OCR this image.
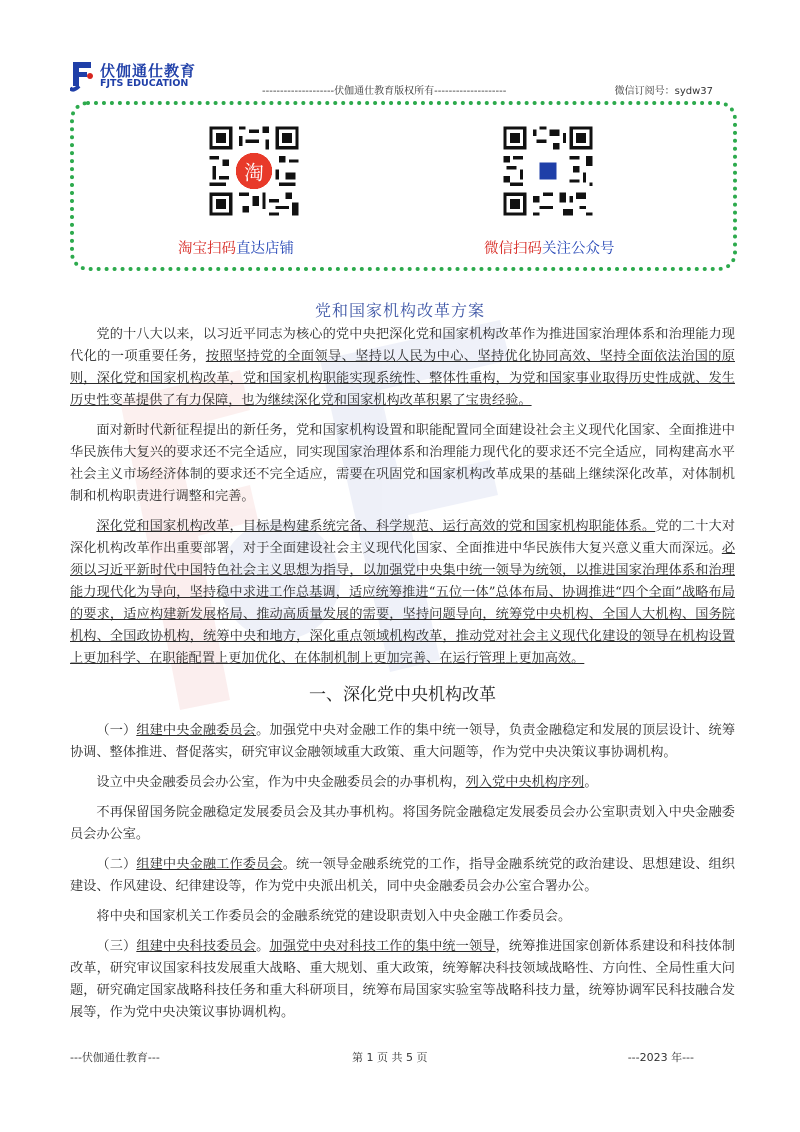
伏伽通仕教育
FJTS EDUCATION
--------------------伏伽通仕教育版权所有--------------------	微信订阅号：sydw37
淘
淘宝扫码直达店铺	微信扫码关注公众号
党和国家机构改革方案

党的十八大以来，以习近平同志为核心的党中央把深化党和国家机构改革作为推进国家治理体系和治理能力现代化的一项重要任务，按照坚持党的全面领导、坚持以人民为中心、坚持优化协同高效、坚持全面依法治国的原则，深化党和国家机构改革，党和国家机构职能实现系统性、整体性重构，为党和国家事业取得历史性成就、发生历史性变革提供了有力保障，也为继续深化党和国家机构改革积累了宝贵经验。

面对新时代新征程提出的新任务，党和国家机构设置和职能配置同全面建设社会主义现代化国家、全面推进中华民族伟大复兴的要求还不完全适应，同实现国家治理体系和治理能力现代化的要求还不完全适应，同构建高水平社会主义市场经济体制的要求还不完全适应，需要在巩固党和国家机构改革成果的基础上继续深化改革，对体制机制和机构职责进行调整和完善。

深化党和国家机构改革，目标是构建系统完备、科学规范、运行高效的党和国家机构职能体系。党的二十大对深化机构改革作出重要部署，对于全面建设社会主义现代化国家、全面推进中华民族伟大复兴意义重大而深远。必须以习近平新时代中国特色社会主义思想为指导，以加强党中央集中统一领导为统领，以推进国家治理体系和治理能力现代化为导向，坚持稳中求进工作总基调，适应统筹推进“五位一体”总体布局、协调推进“四个全面”战略布局的要求，适应构建新发展格局、推动高质量发展的需要，坚持问题导向，统筹党中央机构、全国人大机构、国务院机构、全国政协机构，统筹中央和地方，深化重点领域机构改革，推动党对社会主义现代化建设的领导在机构设置上更加科学、在职能配置上更加优化、在体制机制上更加完善、在运行管理上更加高效。

一、深化党中央机构改革

（一）组建中央金融委员会。加强党中央对金融工作的集中统一领导，负责金融稳定和发展的顶层设计、统筹协调、整体推进、督促落实，研究审议金融领域重大政策、重大问题等，作为党中央决策议事协调机构。

设立中央金融委员会办公室，作为中央金融委员会的办事机构，列入党中央机构序列。

不再保留国务院金融稳定发展委员会及其办事机构。将国务院金融稳定发展委员会办公室职责划入中央金融委员会办公室。

（二）组建中央金融工作委员会。统一领导金融系统党的工作，指导金融系统党的政治建设、思想建设、组织建设、作风建设、纪律建设等，作为党中央派出机关，同中央金融委员会办公室合署办公。

将中央和国家机关工作委员会的金融系统党的建设职责划入中央金融工作委员会。

（三）组建中央科技委员会。加强党中央对科技工作的集中统一领导，统筹推进国家创新体系建设和科技体制改革，研究审议国家科技发展重大战略、重大规划、重大政策，统筹解决科技领域战略性、方向性、全局性重大问题，研究确定国家战略科技任务和重大科研项目，统筹布局国家实验室等战略科技力量，统筹协调军民科技融合发展等，作为党中央决策议事协调机构。

---伏伽通仕教育---	第 1 页 共 5 页	---2023 年---
